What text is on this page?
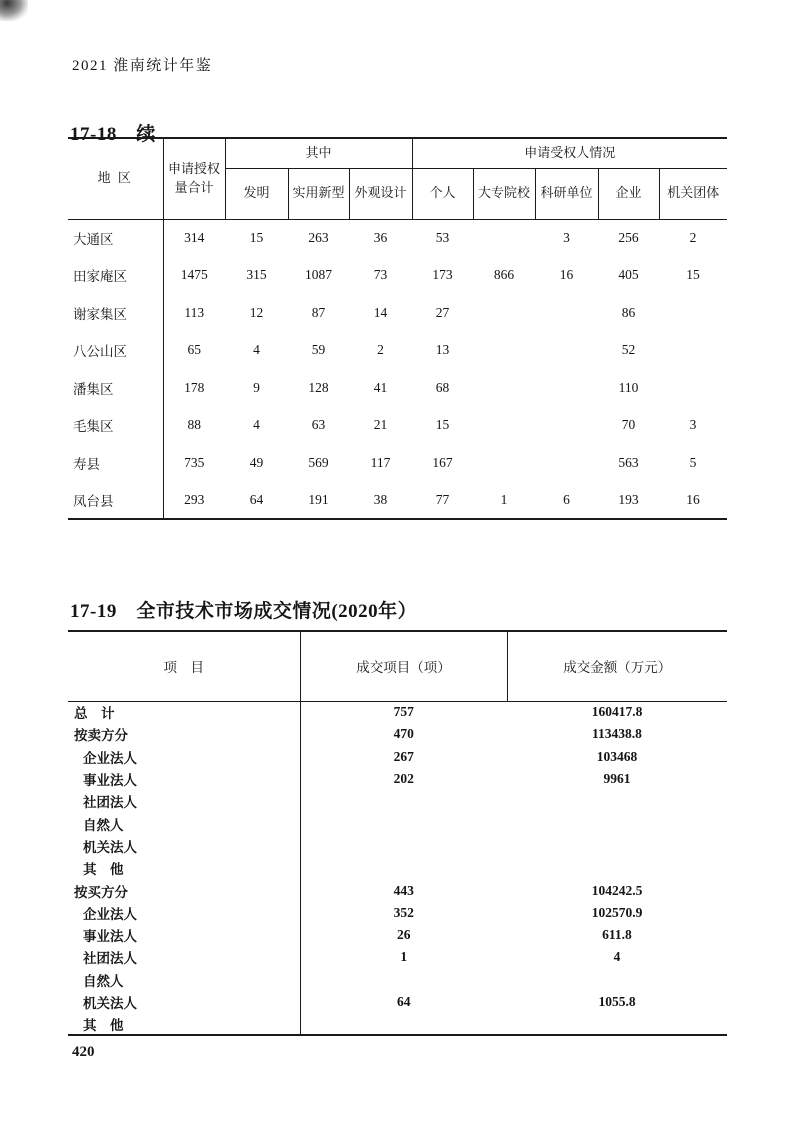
2021 淮南统计年鉴
17-18　续
地 区	申请授权量合计	其中			申请受权人情况				
		发明	实用新型	外观设计	个人	大专院校	科研单位	企业	机关团体
大通区	314	15	263	36	53		3	256	2
田家庵区	1475	315	1087	73	173	866	16	405	15
谢家集区	113	12	87	14	27			86	
八公山区	65	4	59	2	13			52	
潘集区	178	9	128	41	68			110	
毛集区	88	4	63	21	15			70	3
寿县	735	49	569	117	167			563	5
凤台县	293	64	191	38	77	1	6	193	16
17-19　全市技术市场成交情况(2020年）
项　目	成交项目（项）	成交金额（万元）
总　计	757	160417.8
按卖方分	470	113438.8
企业法人	267	103468
事业法人	202	9961
社团法人		
自然人		
机关法人		
其　他		
按买方分	443	104242.5
企业法人	352	102570.9
事业法人	26	611.8
社团法人	1	4
自然人		
机关法人	64	1055.8
其　他		
420
